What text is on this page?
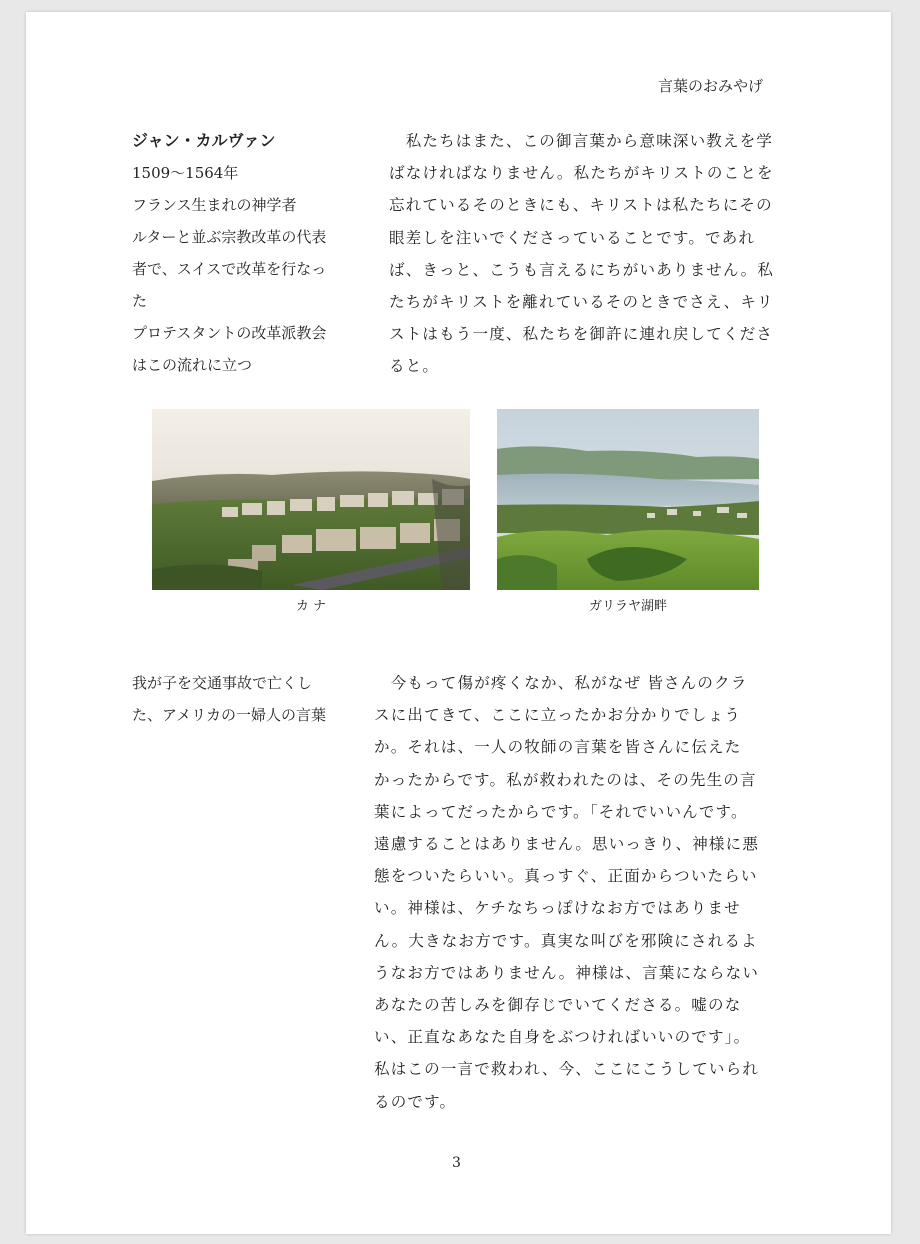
言葉のおみやげ
ジャン・カルヴァン
1509～1564年
フランス生まれの神学者
ルターと並ぶ宗教改革の代表
者で、スイスで改革を行なっ
た
プロテスタントの改革派教会
はこの流れに立つ
　私たちはまた、この御言葉から意味深い教えを学
ばなければなりません。私たちがキリストのことを
忘れているそのときにも、キリストは私たちにその
眼差しを注いでくださっていることです。であれ
ば、きっと、こうも言えるにちがいありません。私
たちがキリストを離れているそのときでさえ、キリ
ストはもう一度、私たちを御許に連れ戻してくださ
ると。
カ ナ	ガリラヤ湖畔
我が子を交通事故で亡くし
た、アメリカの一婦人の言葉
　今もって傷が疼くなか、私がなぜ 皆さんのクラ
スに出てきて、ここに立ったかお分かりでしょう
か。それは、一人の牧師の言葉を皆さんに伝えた
かったからです。私が救われたのは、その先生の言
葉によってだったからです。「それでいいんです。
遠慮することはありません。思いっきり、神様に悪
態をついたらいい。真っすぐ、正面からついたらい
い。神様は、ケチなちっぽけなお方ではありませ
ん。大きなお方です。真実な叫びを邪険にされるよ
うなお方ではありません。神様は、言葉にならない
あなたの苦しみを御存じでいてくださる。嘘のな
い、正直なあなた自身をぶつければいいのです」。
私はこの一言で救われ、今、ここにこうしていられ
るのです。
3
